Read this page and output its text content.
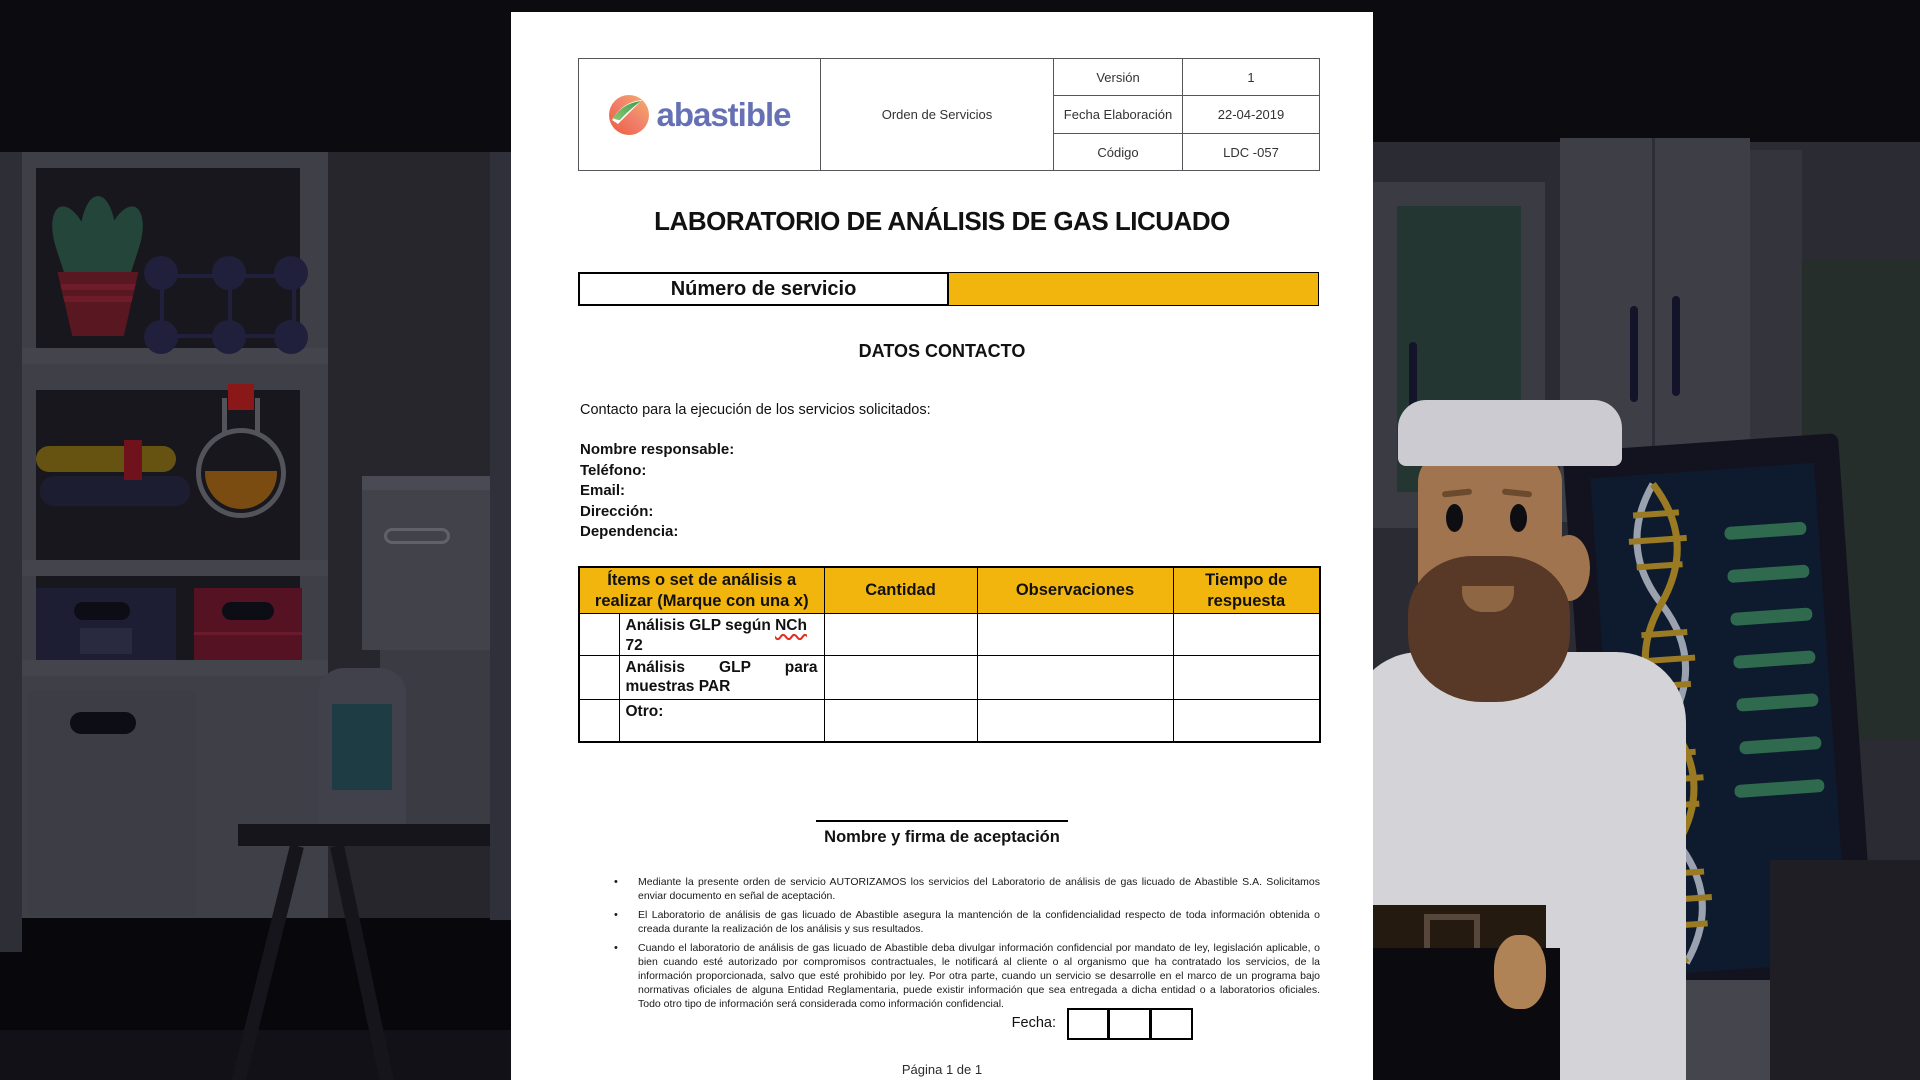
abastible	Orden de Servicios	Versión	1
		Fecha Elaboración	22-04-2019
		Código	LDC -057
LABORATORIO DE ANÁLISIS DE GAS LICUADO
Número de servicio
DATOS CONTACTO
Contacto para la ejecución de los servicios solicitados:
Nombre responsable:
Teléfono:
Email:
Dirección:
Dependencia:
Ítems o set de análisis a realizar (Marque con una x)		Cantidad	Observaciones	Tiempo de respuesta
	Análisis GLP según NCh 72			
	Análisis GLP para muestras PAR			
	Otro:			
Nombre y firma de aceptación
• Mediante la presente orden de servicio AUTORIZAMOS los servicios del Laboratorio de análisis de gas licuado de Abastible S.A. Solicitamos enviar documento en señal de aceptación.
• El Laboratorio de análisis de gas licuado de Abastible asegura la mantención de la confidencialidad respecto de toda información obtenida o creada durante la realización de los análisis y sus resultados.
• Cuando el laboratorio de análisis de gas licuado de Abastible deba divulgar información confidencial por mandato de ley, legislación aplicable, o bien cuando esté autorizado por compromisos contractuales, le notificará al cliente o al organismo que ha contratado los servicios, de la información proporcionada, salvo que esté prohibido por ley. Por otra parte, cuando un servicio se desarrolle en el marco de un programa bajo normativas oficiales de alguna Entidad Reglamentaria, puede existir información que sea entregada a dicha entidad o a laboratorios oficiales. Todo otro tipo de información será considerada como información confidencial.
Fecha:
Página 1 de 1
